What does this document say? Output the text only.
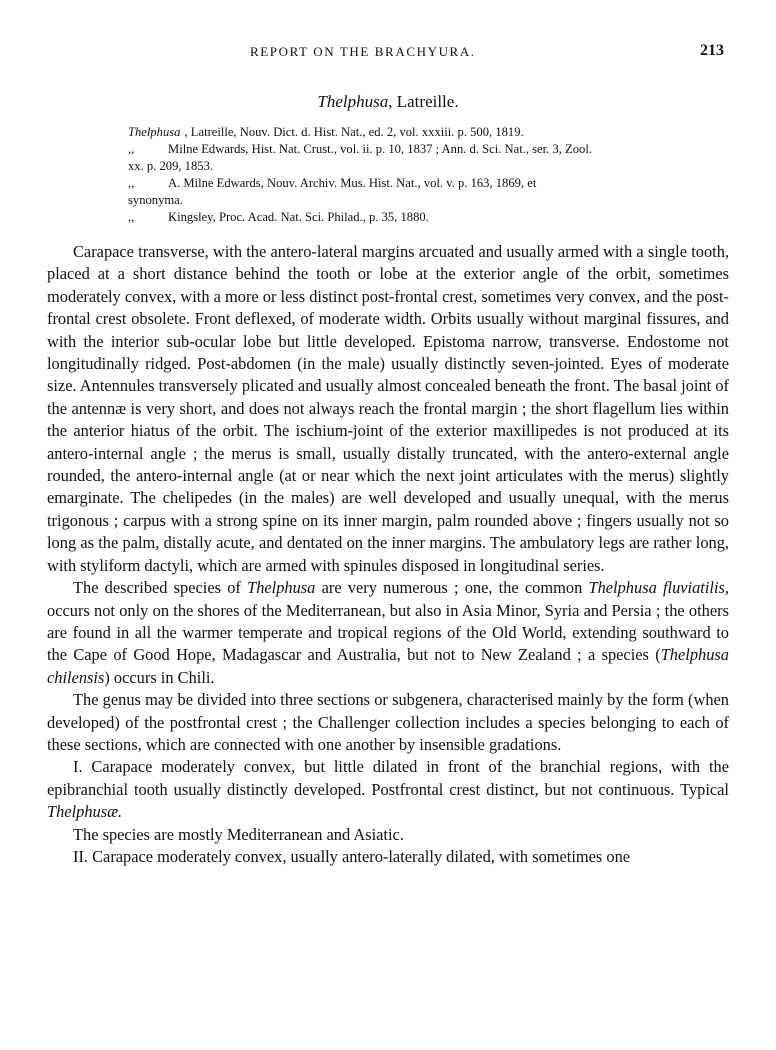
REPORT ON THE BRACHYURA.	213
Thelphusa, Latreille.
Thelphusa , Latreille, Nouv. Dict. d. Hist. Nat., ed. 2, vol. xxxiii. p. 500, 1819.
,,	Milne Edwards, Hist. Nat. Crust., vol. ii. p. 10, 1837 ; Ann. d. Sci. Nat., ser. 3, Zool.
xx. p. 209, 1853.
,,	A. Milne Edwards, Nouv. Archiv. Mus. Hist. Nat., vol. v. p. 163, 1869, et
synonyma.
,,	Kingsley, Proc. Acad. Nat. Sci. Philad., p. 35, 1880.

Carapace transverse, with the antero-lateral margins arcuated and usually armed with a single tooth, placed at a short distance behind the tooth or lobe at the exterior angle of the orbit, sometimes moderately convex, with a more or less distinct post-frontal crest, sometimes very convex, and the post-frontal crest obsolete. Front deflexed, of moderate width. Orbits usually without marginal fissures, and with the interior sub-ocular lobe but little developed. Epistoma narrow, transverse. Endostome not longitudinally ridged. Post-abdomen (in the male) usually distinctly seven-jointed. Eyes of moderate size. Antennules transversely plicated and usually almost concealed beneath the front. The basal joint of the antennæ is very short, and does not always reach the frontal margin ; the short flagellum lies within the anterior hiatus of the orbit. The ischium-joint of the exterior maxillipedes is not produced at its antero-internal angle ; the merus is small, usually distally truncated, with the antero-external angle rounded, the antero-internal angle (at or near which the next joint articulates with the merus) slightly emarginate. The chelipedes (in the males) are well developed and usually unequal, with the merus trigonous ; carpus with a strong spine on its inner margin, palm rounded above ; fingers usually not so long as the palm, distally acute, and dentated on the inner margins. The ambulatory legs are rather long, with styliform dactyli, which are armed with spinules disposed in longitudinal series.

The described species of Thelphusa are very numerous ; one, the common Thelphusa fluviatilis, occurs not only on the shores of the Mediterranean, but also in Asia Minor, Syria and Persia ; the others are found in all the warmer temperate and tropical regions of the Old World, extending southward to the Cape of Good Hope, Madagascar and Australia, but not to New Zealand ; a species (Thelphusa chilensis) occurs in Chili.

The genus may be divided into three sections or subgenera, characterised mainly by the form (when developed) of the postfrontal crest ; the Challenger collection includes a species belonging to each of these sections, which are connected with one another by insensible gradations.

I. Carapace moderately convex, but little dilated in front of the branchial regions, with the epibranchial tooth usually distinctly developed. Postfrontal crest distinct, but not continuous. Typical Thelphusæ.

The species are mostly Mediterranean and Asiatic.

II. Carapace moderately convex, usually antero-laterally dilated, with sometimes one
